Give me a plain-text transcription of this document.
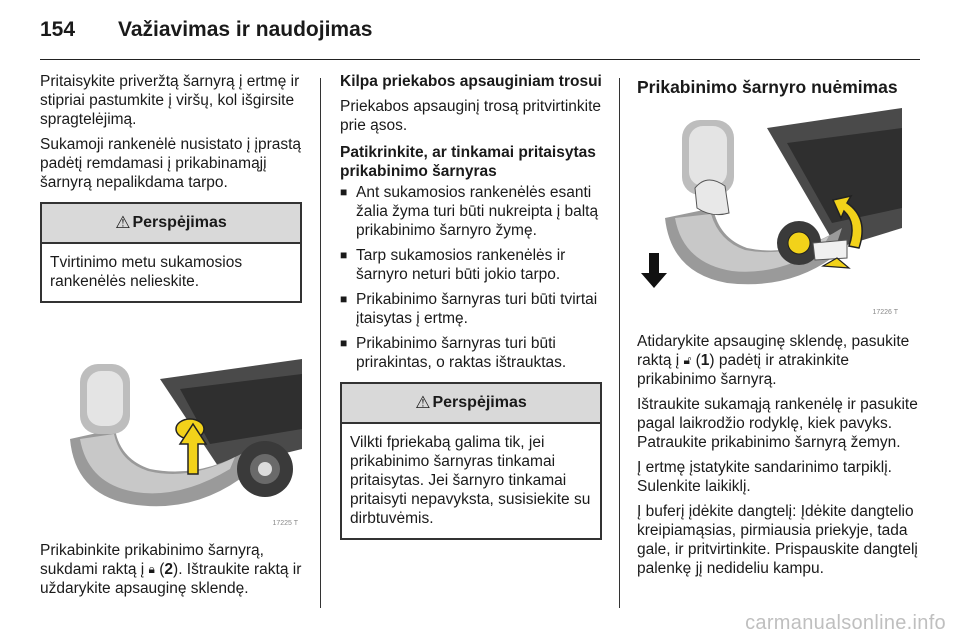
154 Važiavimas ir naudojimas

Pritaisykite priveržtą šarnyrą į ertmę ir stipriai pastumkite į viršų, kol išgirsite spragtelėjimą.

Sukamoji rankenėlė nusistato į įprastą padėtį remdamasi į prikabinamąjį šarnyrą nepalikdama tarpo.

⚠ Perspėjimas
Tvirtinimo metu sukamosios rankenėlės nelieskite.
17225 T

Prikabinkite prikabinimo šarnyrą, sukdami raktą į 🔒︎ (2). Ištraukite raktą ir uždarykite apsauginę sklendę.

Kilpa priekabos apsauginiam trosui

Priekabos apsauginį trosą pritvirtinkite prie ąsos.

Patikrinkite, ar tinkamai pritaisytas prikabinimo šarnyras

■ Ant sukamosios rankenėlės esanti žalia žyma turi būti nukreipta į baltą prikabinimo šarnyro žymę.
■ Tarp sukamosios rankenėlės ir šarnyro neturi būti jokio tarpo.
■ Prikabinimo šarnyras turi būti tvirtai įtaisytas į ertmę.
■ Prikabinimo šarnyras turi būti prirakintas, o raktas ištrauktas.
⚠ Perspėjimas
Vilkti fpriekabą galima tik, jei prikabinimo šarnyras tinkamai pritaisytas. Jei šarnyro tinkamai pritaisyti nepavyksta, susisiekite su dirbtuvėmis.

Prikabinimo šarnyro nuėmimas

17226 T

Atidarykite apsauginę sklendę, pasukite raktą į 🔓︎ (1) padėtį ir atrakinkite prikabinimo šarnyrą.

Ištraukite sukamąją rankenėlę ir pasukite pagal laikrodžio rodyklę, kiek pavyks. Patraukite prikabinimo šarnyrą žemyn.

Į ertmę įstatykite sandarinimo tarpiklį. Sulenkite laikiklį.

Į buferį įdėkite dangtelį: Įdėkite dangtelio kreipiamąsias, pirmiausia priekyje, tada gale, ir pritvirtinkite. Prispauskite dangtelį palenkę jį nedideliu kampu.

carmanualsonline.info
